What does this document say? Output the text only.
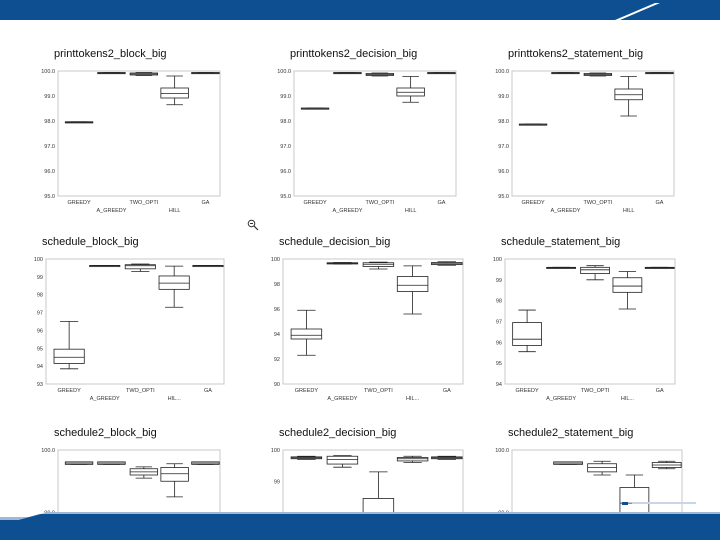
printtokens2_block_big
100.0
99.0
98.0
97.0
96.0
95.0
GREEDY
A_GREEDY
TWO_OPTI
HILL
GA
printtokens2_decision_big
100.0
99.0
98.0
97.0
96.0
95.0
GREEDY
A_GREEDY
TWO_OPTI
HILL
GA
printtokens2_statement_big
100.0
99.0
98.0
97.0
96.0
95.0
GREEDY
A_GREEDY
TWO_OPTI
HILL
GA
schedule_block_big
100
99
98
97
96
95
94
93
GREEDY
A_GREEDY
TWO_OPTI
HIL...
GA
schedule_decision_big
100
98
96
94
92
90
GREEDY
A_GREEDY
TWO_OPTI
HIL...
GA
schedule_statement_big
100
99
98
97
96
95
94
GREEDY
A_GREEDY
TWO_OPTI
HIL...
GA
schedule2_block_big
100.0
schedule2_decision_big
100
99
schedule2_statement_big
100.0
